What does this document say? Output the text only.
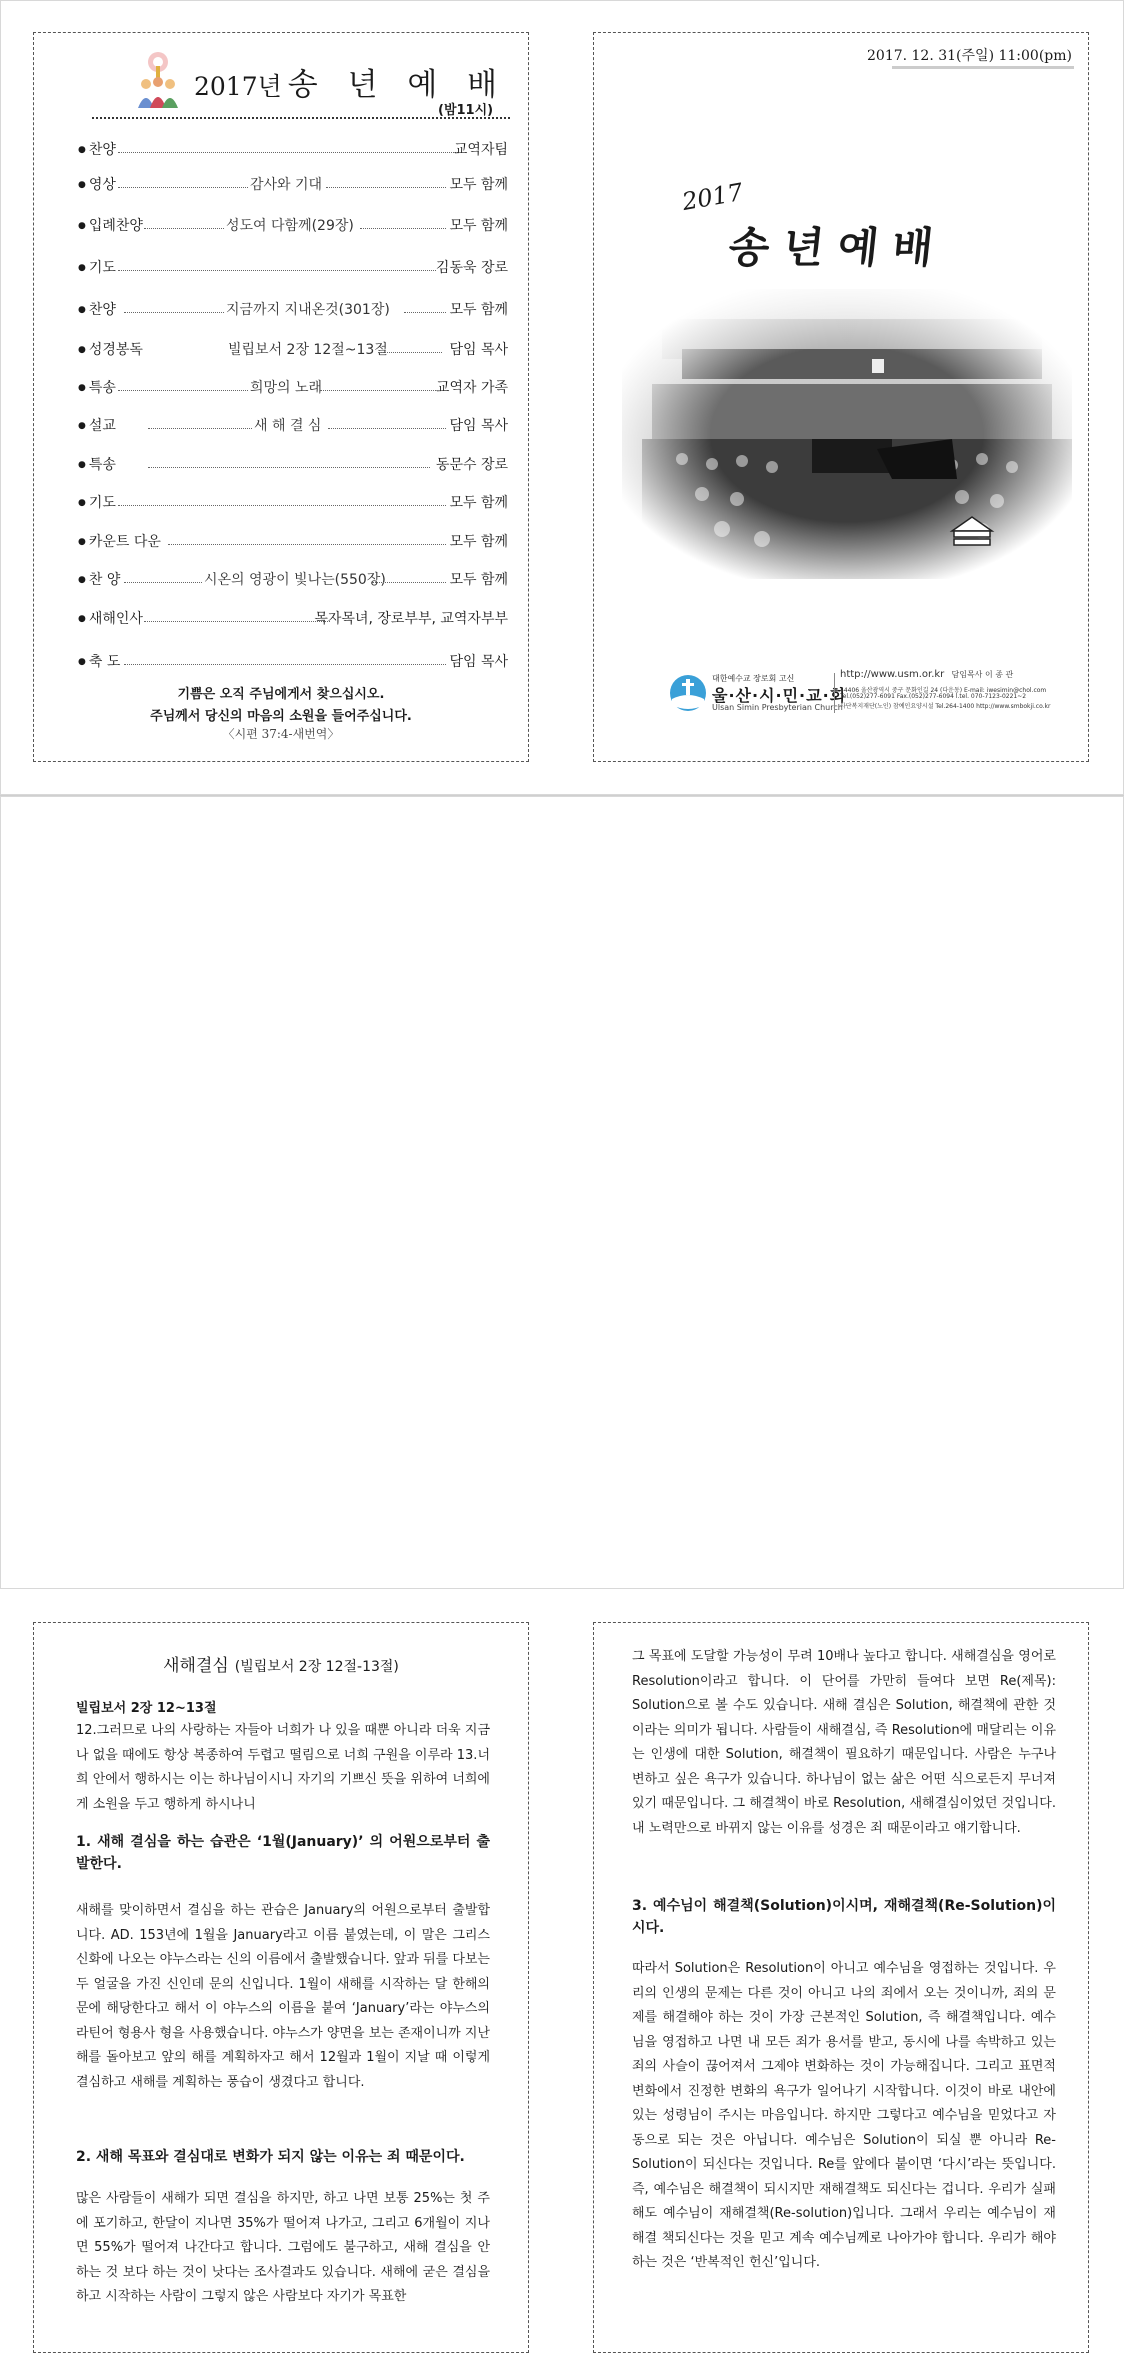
2017년 송 년 예 배
(밤11시)
● 찬양	교역자팀
● 영상	감사와 기대	모두 함께
● 입례찬양	성도여 다함께(29장)	모두 함께
● 기도	김동욱 장로
● 찬양	지금까지 지내온것(301장)	모두 함께
● 성경봉독	빌립보서 2장 12절~13절	담임 목사
● 특송	희망의 노래	교역자 가족
● 설교	새 해 결 심	담임 목사
● 특송	동문수 장로
● 기도	모두 함께
● 카운트 다운	모두 함께
● 찬 양	시온의 영광이 빛나는(550장)	모두 함께
● 새해인사	목자목녀, 장로부부, 교역자부부
● 축 도	담임 목사
기쁨은 오직 주님에게서 찾으십시오.
주님께서 당신의 마음의 소원을 들어주십니다.
〈시편 37:4-새번역〉
2017. 12. 31(주일) 11:00(pm)
2017
송년예배
대한예수교 장로회 고신
울·산·시·민·교·회
Ulsan Simin Presbyterian Church
http://www.usm.or.kr 담임목사 이 종 관
44406 울산광역시 중구 문화인길 24 (다운동) E-mail: iwesimin@chol.com
Tel.(052)277-6091 Fax.(052)277-6094 l.tel. 070-7123-0221~2
사단복지재단(노인) 참예인요양시설 Tel.264-1400 http://www.smbokji.co.kr
새해결심 (빌립보서 2장 12절-13절)
빌립보서 2장 12~13절
12.그러므로 나의 사랑하는 자들아 너희가 나 있을 때뿐 아니라 더욱 지금 나 없을 때에도 항상 복종하여 두렵고 떨림으로 너희 구원을 이루라 13.너희 안에서 행하시는 이는 하나님이시니 자기의 기쁘신 뜻을 위하여 너희에게 소원을 두고 행하게 하시나니
1. 새해 결심을 하는 습관은 ‘1월(January)’ 의 어원으로부터 출발한다.
새해를 맞이하면서 결심을 하는 관습은 January의 어원으로부터 출발합니다. AD. 153년에 1월을 January라고 이름 붙였는데, 이 말은 그리스 신화에 나오는 야누스라는 신의 이름에서 출발했습니다. 앞과 뒤를 다보는 두 얼굴을 가진 신인데 문의 신입니다. 1월이 새해를 시작하는 달 한해의 문에 해당한다고 해서 이 야누스의 이름을 붙여 ‘January’라는 야누스의 라틴어 형용사 형을 사용했습니다. 야누스가 양면을 보는 존재이니까 지난해를 돌아보고 앞의 해를 계획하자고 해서 12월과 1월이 지날 때 이렇게 결심하고 새해를 계획하는 풍습이 생겼다고 합니다.
2. 새해 목표와 결심대로 변화가 되지 않는 이유는 죄 때문이다.
많은 사람들이 새해가 되면 결심을 하지만, 하고 나면 보통 25%는 첫 주에 포기하고, 한달이 지나면 35%가 떨어져 나가고, 그리고 6개월이 지나면 55%가 떨어져 나간다고 합니다. 그럼에도 불구하고, 새해 결심을 안 하는 것 보다 하는 것이 낫다는 조사결과도 있습니다. 새해에 굳은 결심을 하고 시작하는 사람이 그렇지 않은 사람보다 자기가 목표한
그 목표에 도달할 가능성이 무려 10배나 높다고 합니다. 새해결심을 영어로 Resolution이라고 합니다. 이 단어를 가만히 들여다 보면 Re(제목): Solution으로 볼 수도 있습니다. 새해 결심은 Solution, 해결책에 관한 것이라는 의미가 됩니다. 사람들이 새해결심, 즉 Resolution에 매달리는 이유는 인생에 대한 Solution, 해결책이 필요하기 때문입니다. 사람은 누구나 변하고 싶은 욕구가 있습니다. 하나님이 없는 삶은 어떤 식으로든지 무너져 있기 때문입니다. 그 해결책이 바로 Resolution, 새해결심이었던 것입니다. 내 노력만으로 바뀌지 않는 이유를 성경은 죄 때문이라고 얘기합니다.
3. 예수님이 해결책(Solution)이시며, 재해결책(Re-Solution)이시다.
따라서 Solution은 Resolution이 아니고 예수님을 영접하는 것입니다. 우리의 인생의 문제는 다른 것이 아니고 나의 죄에서 오는 것이니까, 죄의 문제를 해결해야 하는 것이 가장 근본적인 Solution, 즉 해결책입니다. 예수님을 영접하고 나면 내 모든 죄가 용서를 받고, 동시에 나를 속박하고 있는 죄의 사슬이 끊어져서 그제야 변화하는 것이 가능해집니다. 그리고 표면적 변화에서 진정한 변화의 욕구가 일어나기 시작합니다. 이것이 바로 내안에 있는 성령님이 주시는 마음입니다. 하지만 그렇다고 예수님을 믿었다고 자동으로 되는 것은 아닙니다. 예수님은 Solution이 되실 뿐 아니라 Re-Solution이 되신다는 것입니다. Re를 앞에다 붙이면 ‘다시’라는 뜻입니다. 즉, 예수님은 해결책이 되시지만 재해결책도 되신다는 겁니다. 우리가 실패해도 예수님이 재해결책(Re-solution)입니다. 그래서 우리는 예수님이 재 해결 책되신다는 것을 믿고 계속 예수님께로 나아가야 합니다. 우리가 해야 하는 것은 ‘반복적인 헌신’입니다.
